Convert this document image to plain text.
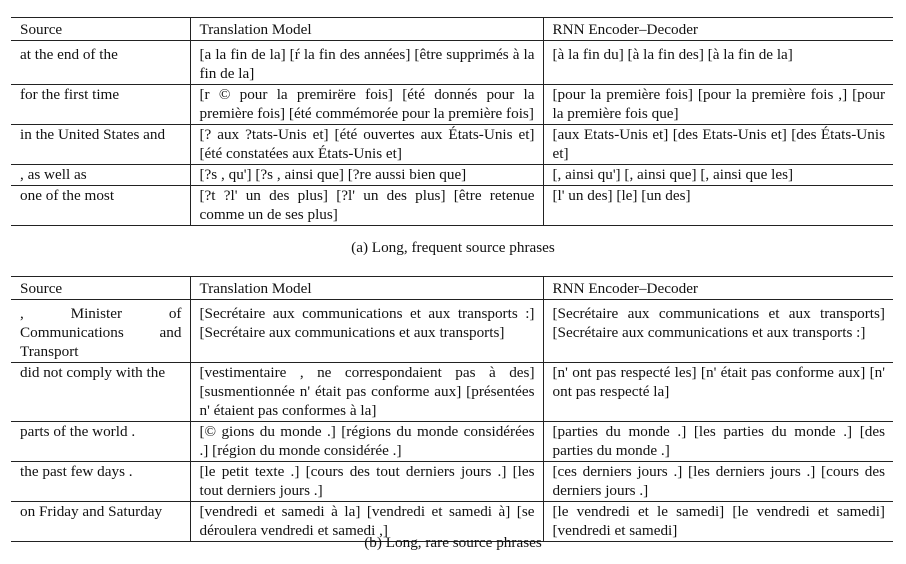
Source	Translation Model	RNN Encoder–Decoder
at the end of the	[a la fin de la] [ŕ la fin des années] [être supprimés à la fin de la]	[à la fin du] [à la fin des] [à la fin de la]
for the first time	[r © pour la premirëre fois] [été donnés pour la première fois] [été commémorée pour la première fois]	[pour la première fois] [pour la première fois ,] [pour la première fois que]
in the United States and	[? aux ?tats-Unis et] [été ouvertes aux États-Unis et] [été constatées aux États-Unis et]	[aux Etats-Unis et] [des Etats-Unis et] [des États-Unis et]
, as well as	[?s , qu'] [?s , ainsi que] [?re aussi bien que]	[, ainsi qu'] [, ainsi que] [, ainsi que les]
one of the most	[?t ?l' un des plus] [?l' un des plus] [être retenue comme un de ses plus]	[l' un des] [le] [un des]
(a) Long, frequent source phrases
Source	Translation Model	RNN Encoder–Decoder
, Minister of Communications and Transport	[Secrétaire aux communications et aux transports :] [Secrétaire aux communications et aux transports]	[Secrétaire aux communications et aux transports] [Secrétaire aux communications et aux transports :]
did not comply with the	[vestimentaire , ne correspondaient pas à des] [susmentionnée n' était pas conforme aux] [présentées n' étaient pas conformes à la]	[n' ont pas respecté les] [n' était pas conforme aux] [n' ont pas respecté la]
parts of the world .	[© gions du monde .] [régions du monde considérées .] [région du monde considérée .]	[parties du monde .] [les parties du monde .] [des parties du monde .]
the past few days .	[le petit texte .] [cours des tout derniers jours .] [les tout derniers jours .]	[ces derniers jours .] [les derniers jours .] [cours des derniers jours .]
on Friday and Saturday	[vendredi et samedi à la] [vendredi et samedi à] [se déroulera vendredi et samedi ,]	[le vendredi et le samedi] [le vendredi et samedi] [vendredi et samedi]
(b) Long, rare source phrases
